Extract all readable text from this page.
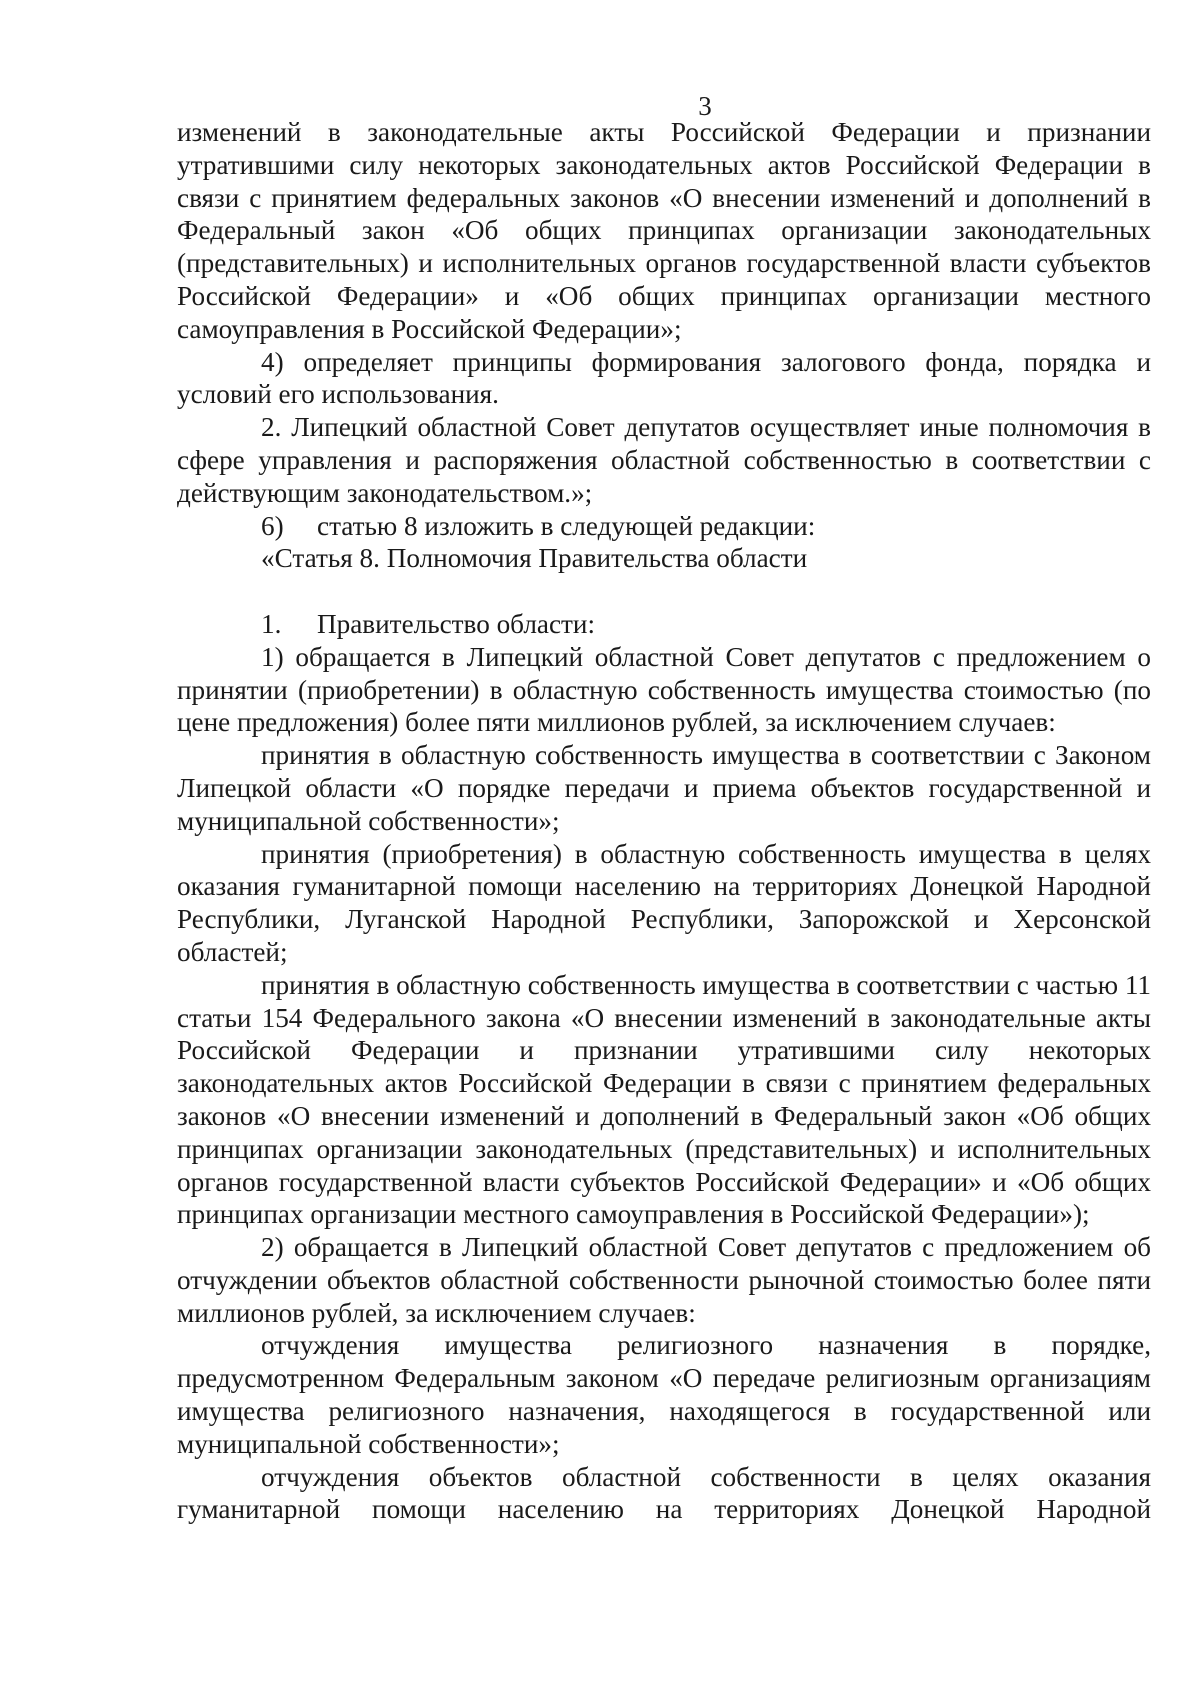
3

изменений в законодательные акты Российской Федерации и признании утратившими силу некоторых законодательных актов Российской Федерации в связи с принятием федеральных законов «О внесении изменений и дополнений в Федеральный закон «Об общих принципах организации законодательных (представительных) и исполнительных органов государственной власти субъектов Российской Федерации» и «Об общих принципах организации местного самоуправления в Российской Федерации»;

4) определяет принципы формирования залогового фонда, порядка и условий его использования.

2. Липецкий областной Совет депутатов осуществляет иные полномочия в сфере управления и распоряжения областной собственностью в соответствии с действующим законодательством.»;

6) статью 8 изложить в следующей редакции:

«Статья 8. Полномочия Правительства области

1. Правительство области:

1) обращается в Липецкий областной Совет депутатов с предложением о принятии (приобретении) в областную собственность имущества стоимостью (по цене предложения) более пяти миллионов рублей, за исключением случаев:

принятия в областную собственность имущества в соответствии с Законом Липецкой области «О порядке передачи и приема объектов государственной и муниципальной собственности»;

принятия (приобретения) в областную собственность имущества в целях оказания гуманитарной помощи населению на территориях Донецкой Народной Республики, Луганской Народной Республики, Запорожской и Херсонской областей;

принятия в областную собственность имущества в соответствии с частью 11 статьи 154 Федерального закона «О внесении изменений в законодательные акты Российской Федерации и признании утратившими силу некоторых законодательных актов Российской Федерации в связи с принятием федеральных законов «О внесении изменений и дополнений в Федеральный закон «Об общих принципах организации законодательных (представительных) и исполнительных органов государственной власти субъектов Российской Федерации» и «Об общих принципах организации местного самоуправления в Российской Федерации»);

2) обращается в Липецкий областной Совет депутатов с предложением об отчуждении объектов областной собственности рыночной стоимостью более пяти миллионов рублей, за исключением случаев:

отчуждения имущества религиозного назначения в порядке, предусмотренном Федеральным законом «О передаче религиозным организациям имущества религиозного назначения, находящегося в государственной или муниципальной собственности»;

отчуждения объектов областной собственности в целях оказания гуманитарной помощи населению на территориях Донецкой Народной
